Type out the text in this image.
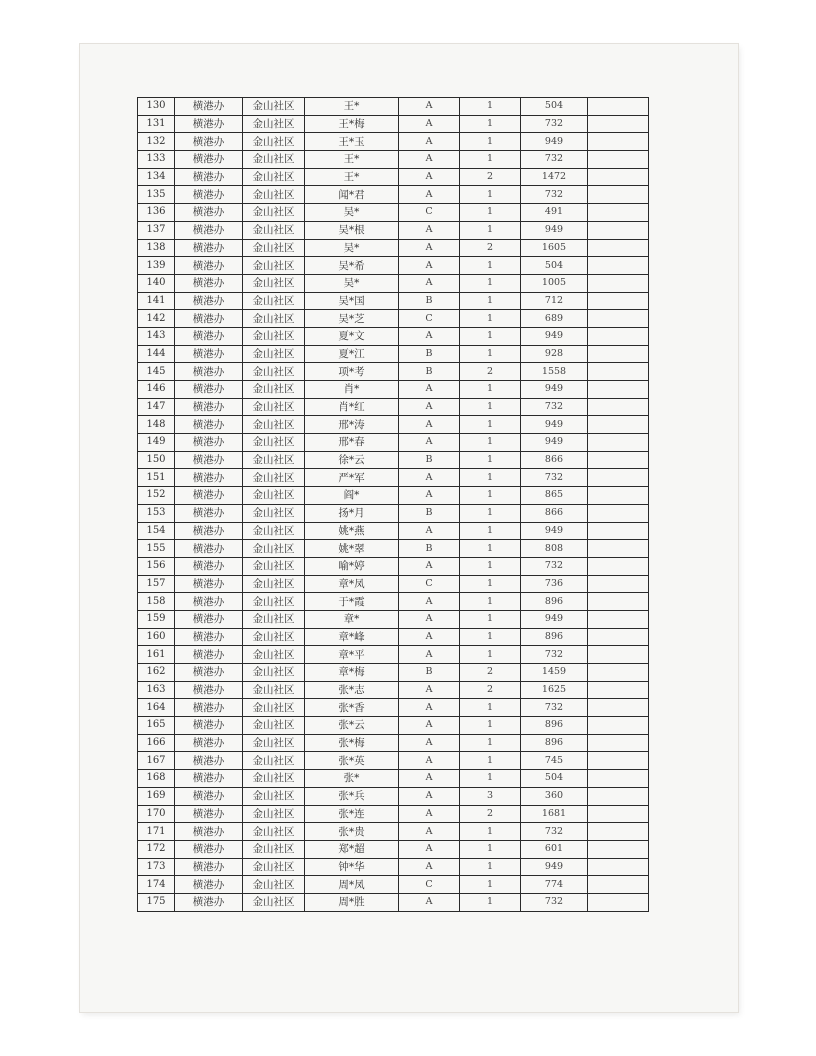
130	横港办	金山社区	王*	A	1	504	
131	横港办	金山社区	王*梅	A	1	732	
132	横港办	金山社区	王*玉	A	1	949	
133	横港办	金山社区	王*	A	1	732	
134	横港办	金山社区	王*	A	2	1472	
135	横港办	金山社区	闻*君	A	1	732	
136	横港办	金山社区	吴*	C	1	491	
137	横港办	金山社区	吴*根	A	1	949	
138	横港办	金山社区	吴*	A	2	1605	
139	横港办	金山社区	吴*希	A	1	504	
140	横港办	金山社区	吴*	A	1	1005	
141	横港办	金山社区	吴*国	B	1	712	
142	横港办	金山社区	吴*芝	C	1	689	
143	横港办	金山社区	夏*文	A	1	949	
144	横港办	金山社区	夏*江	B	1	928	
145	横港办	金山社区	项*考	B	2	1558	
146	横港办	金山社区	肖*	A	1	949	
147	横港办	金山社区	肖*红	A	1	732	
148	横港办	金山社区	邢*涛	A	1	949	
149	横港办	金山社区	邢*春	A	1	949	
150	横港办	金山社区	徐*云	B	1	866	
151	横港办	金山社区	严*军	A	1	732	
152	横港办	金山社区	阎*	A	1	865	
153	横港办	金山社区	扬*月	B	1	866	
154	横港办	金山社区	姚*燕	A	1	949	
155	横港办	金山社区	姚*翠	B	1	808	
156	横港办	金山社区	喻*婷	A	1	732	
157	横港办	金山社区	章*凤	C	1	736	
158	横港办	金山社区	于*霞	A	1	896	
159	横港办	金山社区	章*	A	1	949	
160	横港办	金山社区	章*峰	A	1	896	
161	横港办	金山社区	章*平	A	1	732	
162	横港办	金山社区	章*梅	B	2	1459	
163	横港办	金山社区	张*志	A	2	1625	
164	横港办	金山社区	张*香	A	1	732	
165	横港办	金山社区	张*云	A	1	896	
166	横港办	金山社区	张*梅	A	1	896	
167	横港办	金山社区	张*英	A	1	745	
168	横港办	金山社区	张*	A	1	504	
169	横港办	金山社区	张*兵	A	3	360	
170	横港办	金山社区	张*连	A	2	1681	
171	横港办	金山社区	张*贵	A	1	732	
172	横港办	金山社区	郑*超	A	1	601	
173	横港办	金山社区	钟*华	A	1	949	
174	横港办	金山社区	周*凤	C	1	774	
175	横港办	金山社区	周*胜	A	1	732	
